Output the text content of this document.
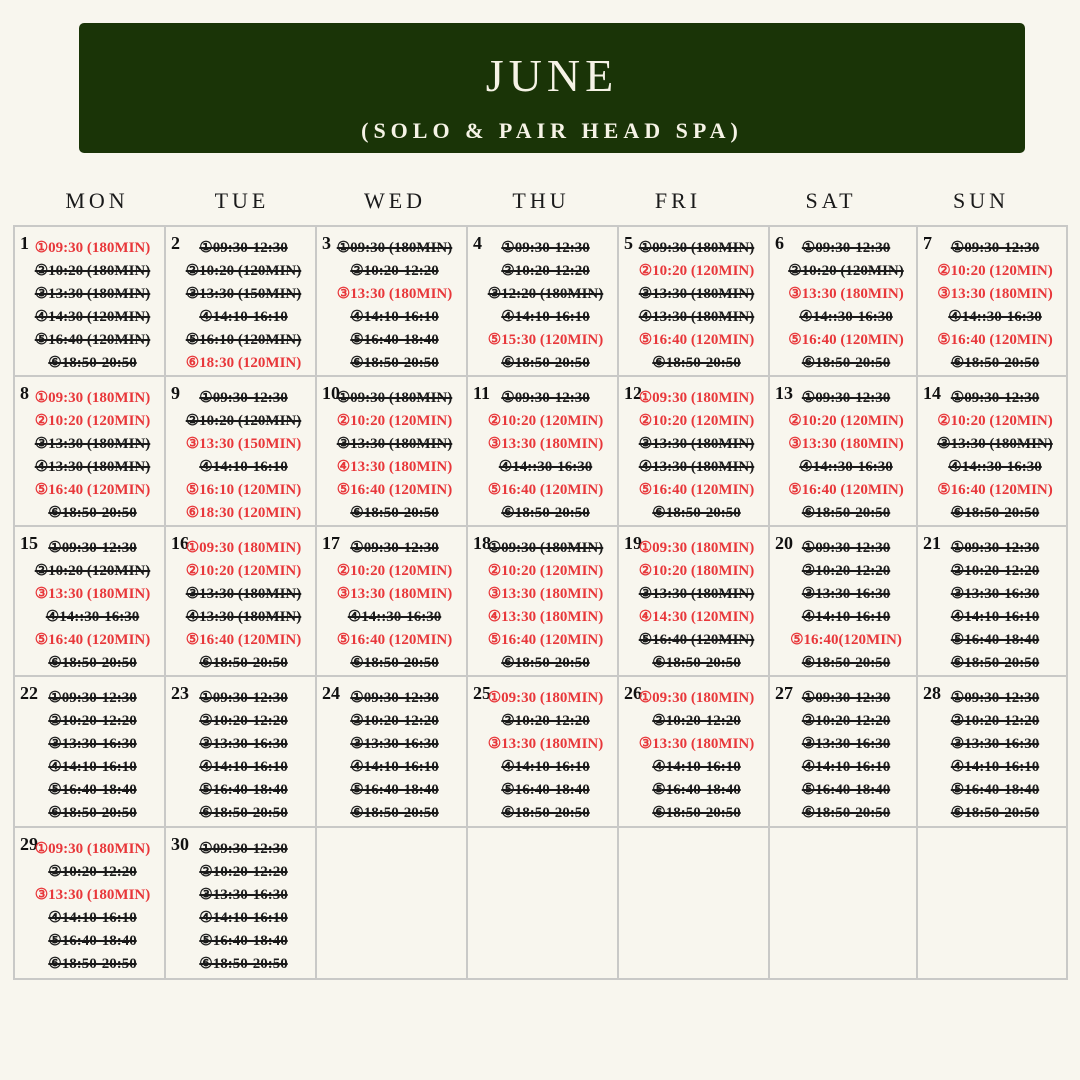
JUNE
(SOLO & PAIR HEAD SPA)
MON	TUE	WED	THU	FRI	SAT	SUN
1 ①09:30 (180MIN)
②10:20 (180MIN)
③13:30 (180MIN)
④14:30 (120MIN)
⑤16:40 (120MIN)
⑥18:50-20:50
2	①09:30-12:30
②10:20 (120MIN)
③13:30 (150MIN)
④14:10-16:10
⑤16:10 (120MIN)
⑥18:30 (120MIN)
3 ①09:30 (180MIN)
②10:20-12:20
③13:30 (180MIN)
④14:10-16:10
⑤16:40-18:40
⑥18:50-20:50
4	①09:30-12:30
②10:20-12:20
③12:20 (180MIN)
④14:10-16:10
⑤15:30 (120MIN)
⑥18:50-20:50
5 ①09:30 (180MIN)
②10:20 (120MIN)
③13:30 (180MIN)
④13:30 (180MIN)
⑤16:40 (120MIN)
⑥18:50-20:50
6	①09:30-12:30
②10:20 (120MIN)
③13:30 (180MIN)
④14::30-16:30
⑤16:40 (120MIN)
⑥18:50-20:50
7	①09:30-12:30
②10:20 (120MIN)
③13:30 (180MIN)
④14::30-16:30
⑤16:40 (120MIN)
⑥18:50-20:50
8 ①09:30 (180MIN)
②10:20 (120MIN)
③13:30 (180MIN)
④13:30 (180MIN)
⑤16:40 (120MIN)
⑥18:50-20:50
9	①09:30-12:30
②10:20 (120MIN)
③13:30 (150MIN)
④14:10-16:10
⑤16:10 (120MIN)
⑥18:30 (120MIN)
10
①09:30 (180MIN)
②10:20 (120MIN)
③13:30 (180MIN)
④13:30 (180MIN)
⑤16:40 (120MIN)
⑥18:50-20:50
11 ①09:30-12:30
②10:20 (120MIN)
③13:30 (180MIN)
④14::30-16:30
⑤16:40 (120MIN)
⑥18:50-20:50
12
①09:30 (180MIN)
②10:20 (120MIN)
③13:30 (180MIN)
④13:30 (180MIN)
⑤16:40 (120MIN)
⑥18:50-20:50
13 ①09:30-12:30
②10:20 (120MIN)
③13:30 (180MIN)
④14::30-16:30
⑤16:40 (120MIN)
⑥18:50-20:50
14 ①09:30-12:30
②10:20 (120MIN)
③13:30 (180MIN)
④14::30-16:30
⑤16:40 (120MIN)
⑥18:50-20:50
15 ①09:30-12:30
②10:20 (120MIN)
③13:30 (180MIN)
④14::30-16:30
⑤16:40 (120MIN)
⑥18:50-20:50
16
①09:30 (180MIN)
②10:20 (120MIN)
③13:30 (180MIN)
④13:30 (180MIN)
⑤16:40 (120MIN)
⑥18:50-20:50
17 ①09:30-12:30
②10:20 (120MIN)
③13:30 (180MIN)
④14::30-16:30
⑤16:40 (120MIN)
⑥18:50-20:50
18
①09:30 (180MIN)
②10:20 (120MIN)
③13:30 (180MIN)
④13:30 (180MIN)
⑤16:40 (120MIN)
⑥18:50-20:50
19
①09:30 (180MIN)
②10:20 (180MIN)
③13:30 (180MIN)
④14:30 (120MIN)
⑤16:40 (120MIN)
⑥18:50-20:50
20 ①09:30-12:30
②10:20-12:20
③13:30-16:30
④14:10-16:10
⑤16:40(120MIN)
⑥18:50-20:50
21 ①09:30-12:30
②10:20-12:20
③13:30-16:30
④14:10-16:10
⑤16:40-18:40
⑥18:50-20:50
22 ①09:30-12:30
②10:20-12:20
③13:30-16:30
④14:10-16:10
⑤16:40-18:40
⑥18:50-20:50
23 ①09:30-12:30
②10:20-12:20
③13:30-16:30
④14:10-16:10
⑤16:40-18:40
⑥18:50-20:50
24 ①09:30-12:30
②10:20-12:20
③13:30-16:30
④14:10-16:10
⑤16:40-18:40
⑥18:50-20:50
25
①09:30 (180MIN)
②10:20-12:20
③13:30 (180MIN)
④14:10-16:10
⑤16:40-18:40
⑥18:50-20:50
26
①09:30 (180MIN)
②10:20-12:20
③13:30 (180MIN)
④14:10-16:10
⑤16:40-18:40
⑥18:50-20:50
27 ①09:30-12:30
②10:20-12:20
③13:30-16:30
④14:10-16:10
⑤16:40-18:40
⑥18:50-20:50
28 ①09:30-12:30
②10:20-12:20
③13:30-16:30
④14:10-16:10
⑤16:40-18:40
⑥18:50-20:50
29
①09:30 (180MIN)
②10:20-12:20
③13:30 (180MIN)
④14:10-16:10
⑤16:40-18:40
⑥18:50-20:50
30 ①09:30-12:30
②10:20-12:20
③13:30-16:30
④14:10-16:10
⑤16:40-18:40
⑥18:50-20:50
